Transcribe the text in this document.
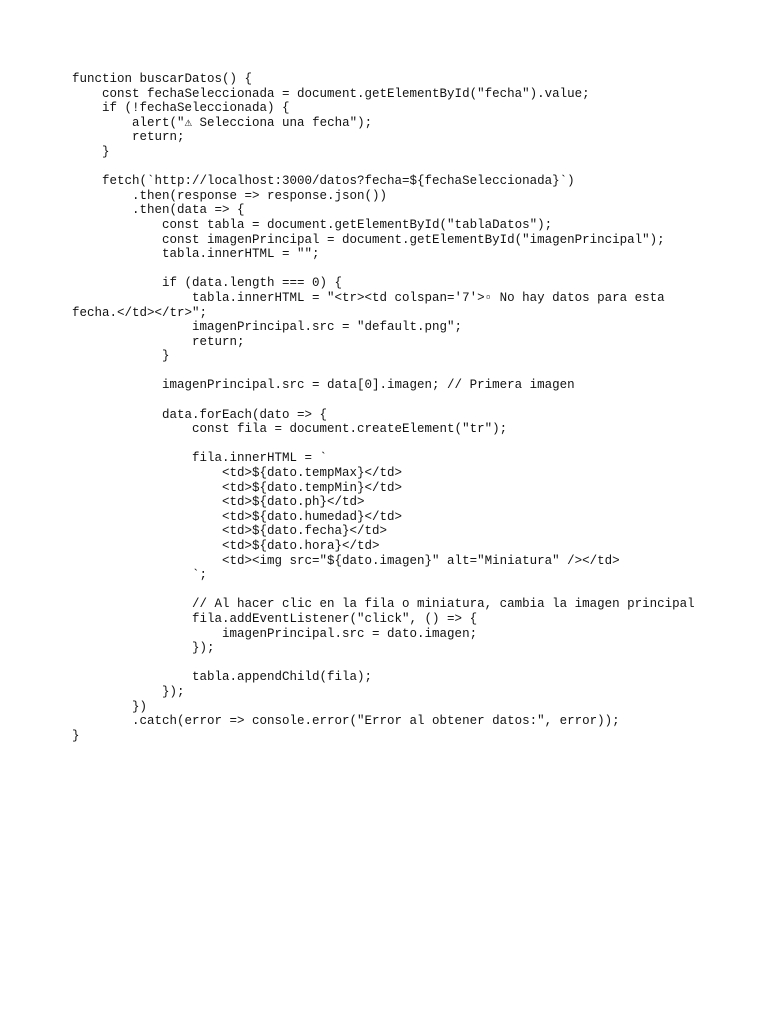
function buscarDatos() {
const fechaSeleccionada = document.getElementById("fecha").value;
if (!fechaSeleccionada) {
alert("⚠ Selecciona una fecha");
return;
}
fetch(`http://localhost:3000/datos?fecha=${fechaSeleccionada}`)
.then(response => response.json())
.then(data => {
const tabla = document.getElementById("tablaDatos");
const imagenPrincipal = document.getElementById("imagenPrincipal");
tabla.innerHTML = "";
if (data.length === 0) {
tabla.innerHTML = "<tr><td colspan='7'>▫ No hay datos para esta
fecha.</td></tr>";
imagenPrincipal.src = "default.png";
return;
}
imagenPrincipal.src = data[0].imagen; // Primera imagen
data.forEach(dato => {
const fila = document.createElement("tr");
fila.innerHTML = `
<td>${dato.tempMax}</td>
<td>${dato.tempMin}</td>
<td>${dato.ph}</td>
<td>${dato.humedad}</td>
<td>${dato.fecha}</td>
<td>${dato.hora}</td>
<td><img src="${dato.imagen}" alt="Miniatura" /></td>
`;
// Al hacer clic en la fila o miniatura, cambia la imagen principal
fila.addEventListener("click", () => {
imagenPrincipal.src = dato.imagen;
});
tabla.appendChild(fila);
});
})
.catch(error => console.error("Error al obtener datos:", error));
}
